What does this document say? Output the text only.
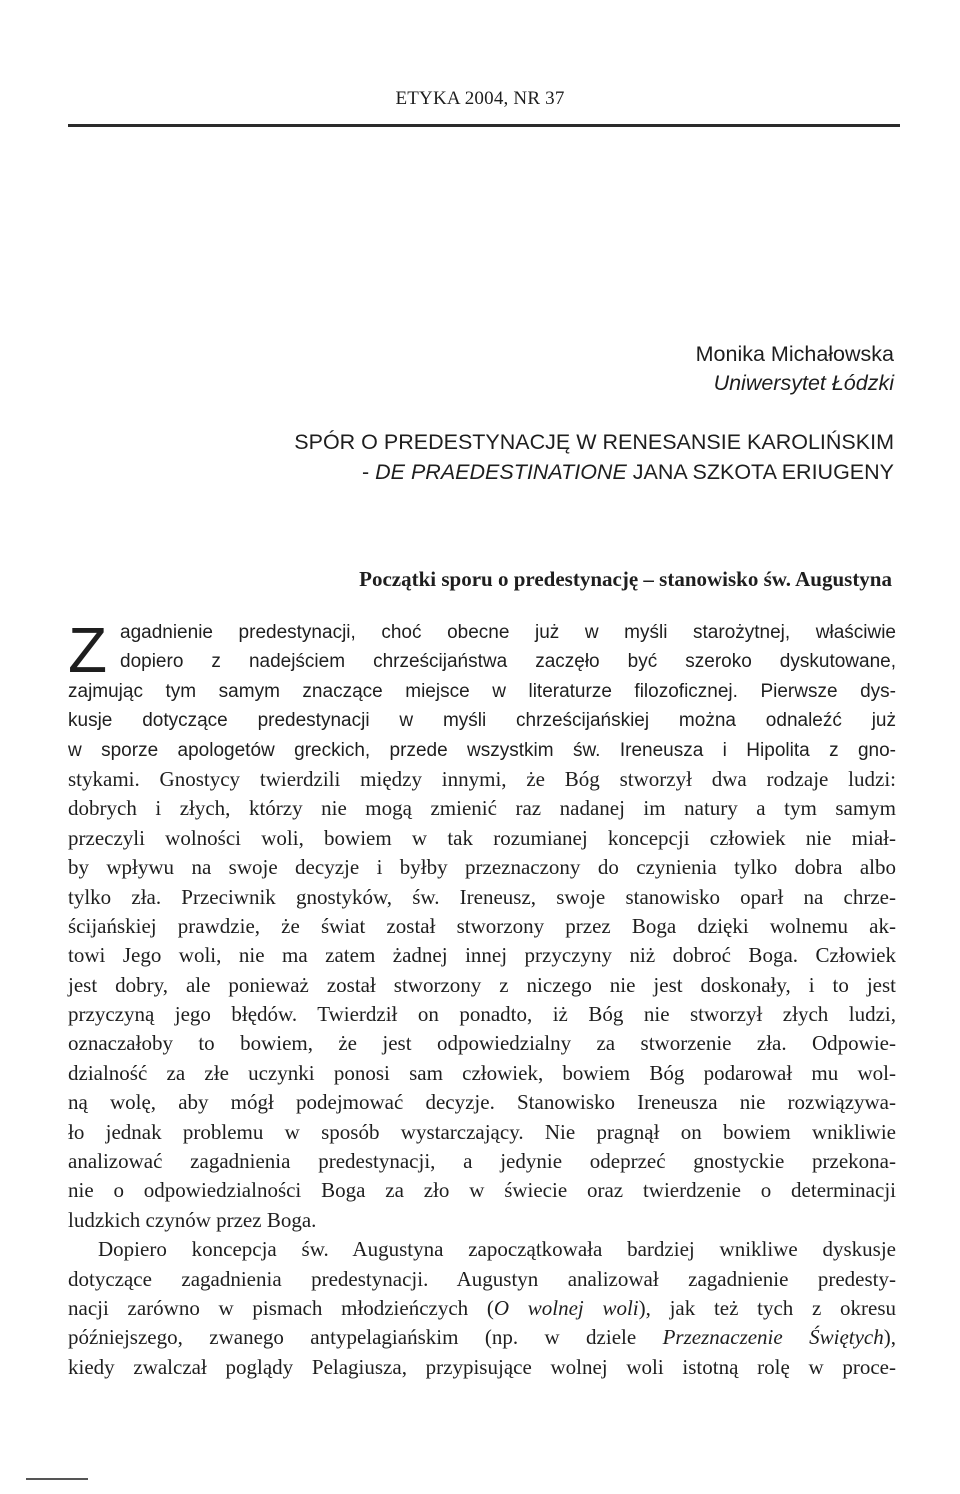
ETYKA 2004, NR 37
Monika Michałowska
Uniwersytet Łódzki
SPÓR O PREDESTYNACJĘ W RENESANSIE KAROLIŃSKIM
- DE PRAEDESTINATIONE JANA SZKOTA ERIUGENY
Początki sporu o predestynację – stanowisko św. Augustyna
Z agadnienie predestynacji, choć obecne już w myśli starożytnej, właściwie
dopiero z nadejściem chrześcijaństwa zaczęło być szeroko dyskutowane,
zajmując tym samym znaczące miejsce w literaturze filozoficznej. Pierwsze dys-
kusje dotyczące predestynacji w myśli chrześcijańskiej można odnaleźć już
w sporze apologetów greckich, przede wszystkim św. Ireneusza i Hipolita z gno-
stykami. Gnostycy twierdzili między innymi, że Bóg stworzył dwa rodzaje ludzi:
dobrych i złych, którzy nie mogą zmienić raz nadanej im natury a tym samym
przeczyli wolności woli, bowiem w tak rozumianej koncepcji człowiek nie miał-
by wpływu na swoje decyzje i byłby przeznaczony do czynienia tylko dobra albo
tylko zła. Przeciwnik gnostyków, św. Ireneusz, swoje stanowisko oparł na chrze-
ścijańskiej prawdzie, że świat został stworzony przez Boga dzięki wolnemu ak-
towi Jego woli, nie ma zatem żadnej innej przyczyny niż dobroć Boga. Człowiek
jest dobry, ale ponieważ został stworzony z niczego nie jest doskonały, i to jest
przyczyną jego błędów. Twierdził on ponadto, iż Bóg nie stworzył złych ludzi,
oznaczałoby to bowiem, że jest odpowiedzialny za stworzenie zła. Odpowie-
dzialność za złe uczynki ponosi sam człowiek, bowiem Bóg podarował mu wol-
ną wolę, aby mógł podejmować decyzje. Stanowisko Ireneusza nie rozwiązywa-
ło jednak problemu w sposób wystarczający. Nie pragnął on bowiem wnikliwie
analizować zagadnienia predestynacji, a jedynie odeprzeć gnostyckie przekona-
nie o odpowiedzialności Boga za zło w świecie oraz twierdzenie o determinacji
ludzkich czynów przez Boga.
Dopiero koncepcja św. Augustyna zapoczątkowała bardziej wnikliwe dyskusje
dotyczące zagadnienia predestynacji. Augustyn analizował zagadnienie predesty-
nacji zarówno w pismach młodzieńczych (O wolnej woli), jak też tych z okresu
późniejszego, zwanego antypelagiańskim (np. w dziele Przeznaczenie Świętych),
kiedy zwalczał poglądy Pelagiusza, przypisujące wolnej woli istotną rolę w proce-
